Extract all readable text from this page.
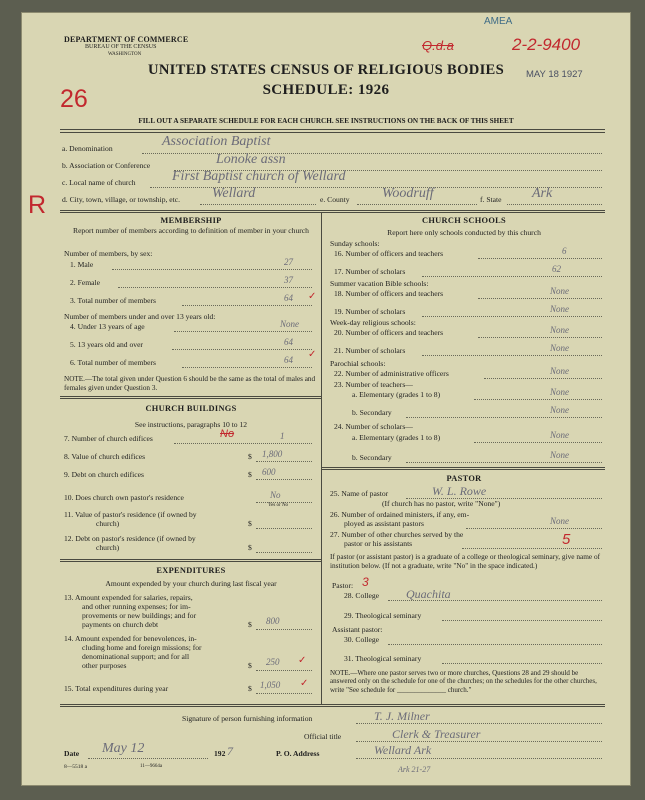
DEPARTMENT OF COMMERCE
BUREAU OF THE CENSUS
WASHINGTON
AMEA
Q.d.a	2-2-9400
UNITED STATES CENSUS OF RELIGIOUS BODIES	MAY 18 1927
SCHEDULE: 1926
26
FILL OUT A SEPARATE SCHEDULE FOR EACH CHURCH. SEE INSTRUCTIONS ON THE BACK OF THIS SHEET
a. Denomination	Association Baptist
b. Association or Conference	Lonoke assn
c. Local name of church	First Baptist church of Wellard
R d. City, town, village, or township, etc. Wellard	e. County Woodruff	f. State Ark
MEMBERSHIP
Report number of members according to definition of member in your church
Number of members, by sex:
1. Male	27
2. Female	37
3. Total number of members	64 ✓
Number of members under and over 13 years old:
4. Under 13 years of age	None
5. 13 years old and over	64
6. Total number of members	64 ✓
NOTE.—The total given under Question 6 should be the same as the total of males and females given under Question 3.
CHURCH BUILDINGS
See instructions, paragraphs 10 to 12
7. Number of church edifices	No	1
8. Value of church edifices	$ 1,800
9. Debt on church edifices	$ 600
10. Does church own pastor's residence	No
Yes or No
11. Value of pastor's residence (if owned by
church)	$
12. Debt on pastor's residence (if owned by
church)	$
EXPENDITURES
Amount expended by your church during last fiscal year
13. Amount expended for salaries, repairs,
and other running expenses; for im-
provements or new buildings; and for
payments on church debt	$ 800
14. Amount expended for benevolences, in-
cluding home and foreign missions; for
denominational support; and for all
other purposes	$ 250 ✓
15. Total expenditures during year	$ 1,050 ✓
CHURCH SCHOOLS
Report here only schools conducted by this church
Sunday schools:
16. Number of officers and teachers	6
17. Number of scholars	62
Summer vacation Bible schools:
18. Number of officers and teachers	None
19. Number of scholars	None
Week-day religious schools:
20. Number of officers and teachers	None
21. Number of scholars	None
Parochial schools:
22. Number of administrative officers	None
23. Number of teachers—
a. Elementary (grades 1 to 8)	None
b. Secondary	None
24. Number of scholars—
a. Elementary (grades 1 to 8)	None
b. Secondary	None
PASTOR
25. Name of pastor	W. L. Rowe
(If church has no pastor, write "None")
26. Number of ordained ministers, if any, em-
ployed as assistant pastors	None
27. Number of other churches served by the
pastor or his assistants	5
If pastor (or assistant pastor) is a graduate of a college or theological seminary, give name of institution below. (If not a graduate, write "No" in the space indicated.)
Pastor: 3
28. College Quachita
29. Theological seminary
Assistant pastor:
30. College
31. Theological seminary
NOTE.—Where one pastor serves two or more churches, Questions 28 and 29 should be answered only on the schedule for one of the churches; on the schedules for the other churches, write "See schedule for ______________ church."
Signature of person furnishing information	T. J. Milner
Official title	Clerk & Treasurer
Date May 12	192 7	P. O. Address	Wellard Ark
8—5518 a	11—9664a	Ark 21-27
